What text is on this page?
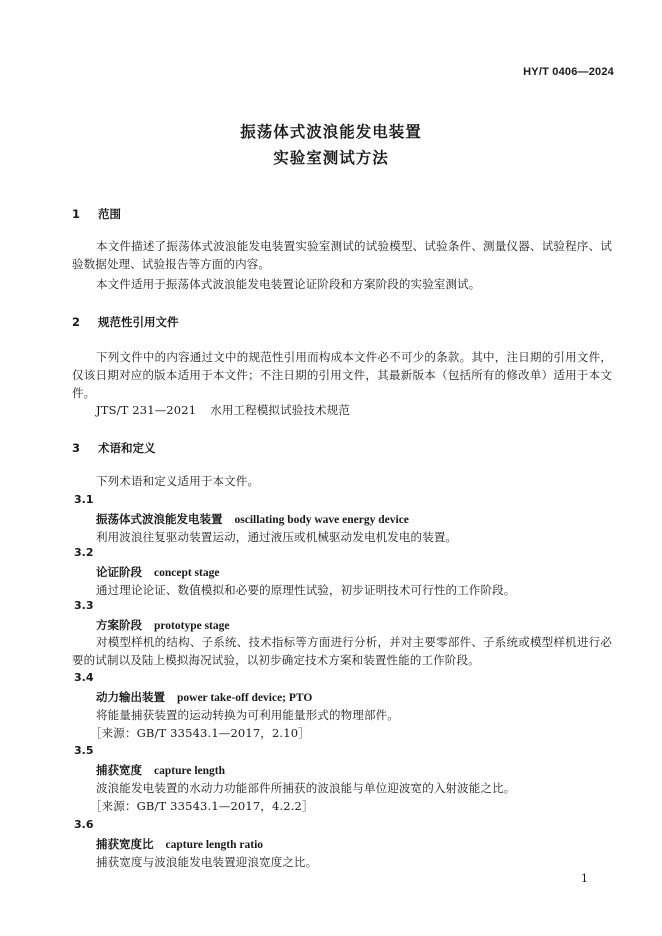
HY/T 0406—2024
振荡体式波浪能发电装置
实验室测试方法
1 范围
本文件描述了振荡体式波浪能发电装置实验室测试的试验模型、试验条件、测量仪器、试验程序、试验数据处理、试验报告等方面的内容。
本文件适用于振荡体式波浪能发电装置论证阶段和方案阶段的实验室测试。
2 规范性引用文件
下列文件中的内容通过文中的规范性引用而构成本文件必不可少的条款。其中，注日期的引用文件，仅该日期对应的版本适用于本文件；不注日期的引用文件，其最新版本（包括所有的修改单）适用于本文件。
JTS/T 231—2021 水用工程模拟试验技术规范
3 术语和定义
下列术语和定义适用于本文件。
3.1
振荡体式波浪能发电装置 oscillating body wave energy device
利用波浪往复驱动装置运动，通过液压或机械驱动发电机发电的装置。
3.2
论证阶段 concept stage
通过理论论证、数值模拟和必要的原理性试验，初步证明技术可行性的工作阶段。
3.3
方案阶段 prototype stage
对模型样机的结构、子系统、技术指标等方面进行分析，并对主要零部件、子系统或模型样机进行必要的试制以及陆上模拟海况试验，以初步确定技术方案和装置性能的工作阶段。
3.4
动力输出装置 power take-off device; PTO
将能量捕获装置的运动转换为可利用能量形式的物理部件。
［来源：GB/T 33543.1—2017，2.10］
3.5
捕获宽度 capture length
波浪能发电装置的水动力功能部件所捕获的波浪能与单位迎波宽的入射波能之比。
［来源：GB/T 33543.1—2017，4.2.2］
3.6
捕获宽度比 capture length ratio
捕获宽度与波浪能发电装置迎浪宽度之比。
1
